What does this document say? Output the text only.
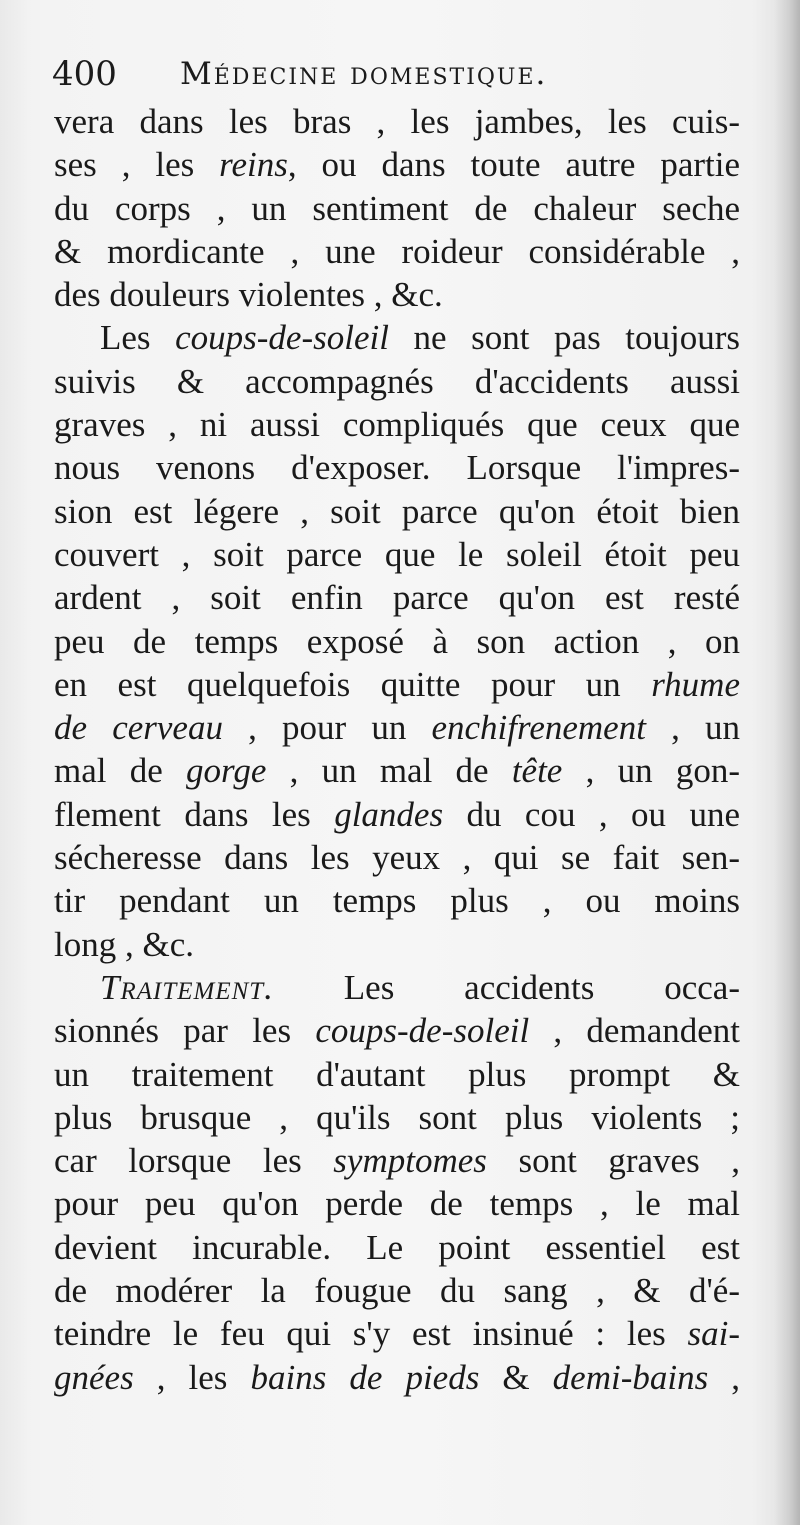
400 Médecine domestique.
vera dans les bras , les jambes, les cuis-
ses , les reins, ou dans toute autre partie
du corps , un sentiment de chaleur seche
& mordicante , une roideur considérable ,
des douleurs violentes , &c.
Les coups-de-soleil ne sont pas toujours
suivis & accompagnés d'accidents aussi
graves , ni aussi compliqués que ceux que
nous venons d'exposer. Lorsque l'impres-
sion est légere , soit parce qu'on étoit bien
couvert , soit parce que le soleil étoit peu
ardent , soit enfin parce qu'on est resté
peu de temps exposé à son action , on
en est quelquefois quitte pour un rhume
de cerveau , pour un enchifrenement , un
mal de gorge , un mal de tête , un gon-
flement dans les glandes du cou , ou une
sécheresse dans les yeux , qui se fait sen-
tir pendant un temps plus , ou moins
long , &c.
Traitement. Les accidents occa-
sionnés par les coups-de-soleil , demandent
un traitement d'autant plus prompt &
plus brusque , qu'ils sont plus violents ;
car lorsque les symptomes sont graves ,
pour peu qu'on perde de temps , le mal
devient incurable. Le point essentiel est
de modérer la fougue du sang , & d'é-
teindre le feu qui s'y est insinué : les sai-
gnées , les bains de pieds & demi-bains ,
